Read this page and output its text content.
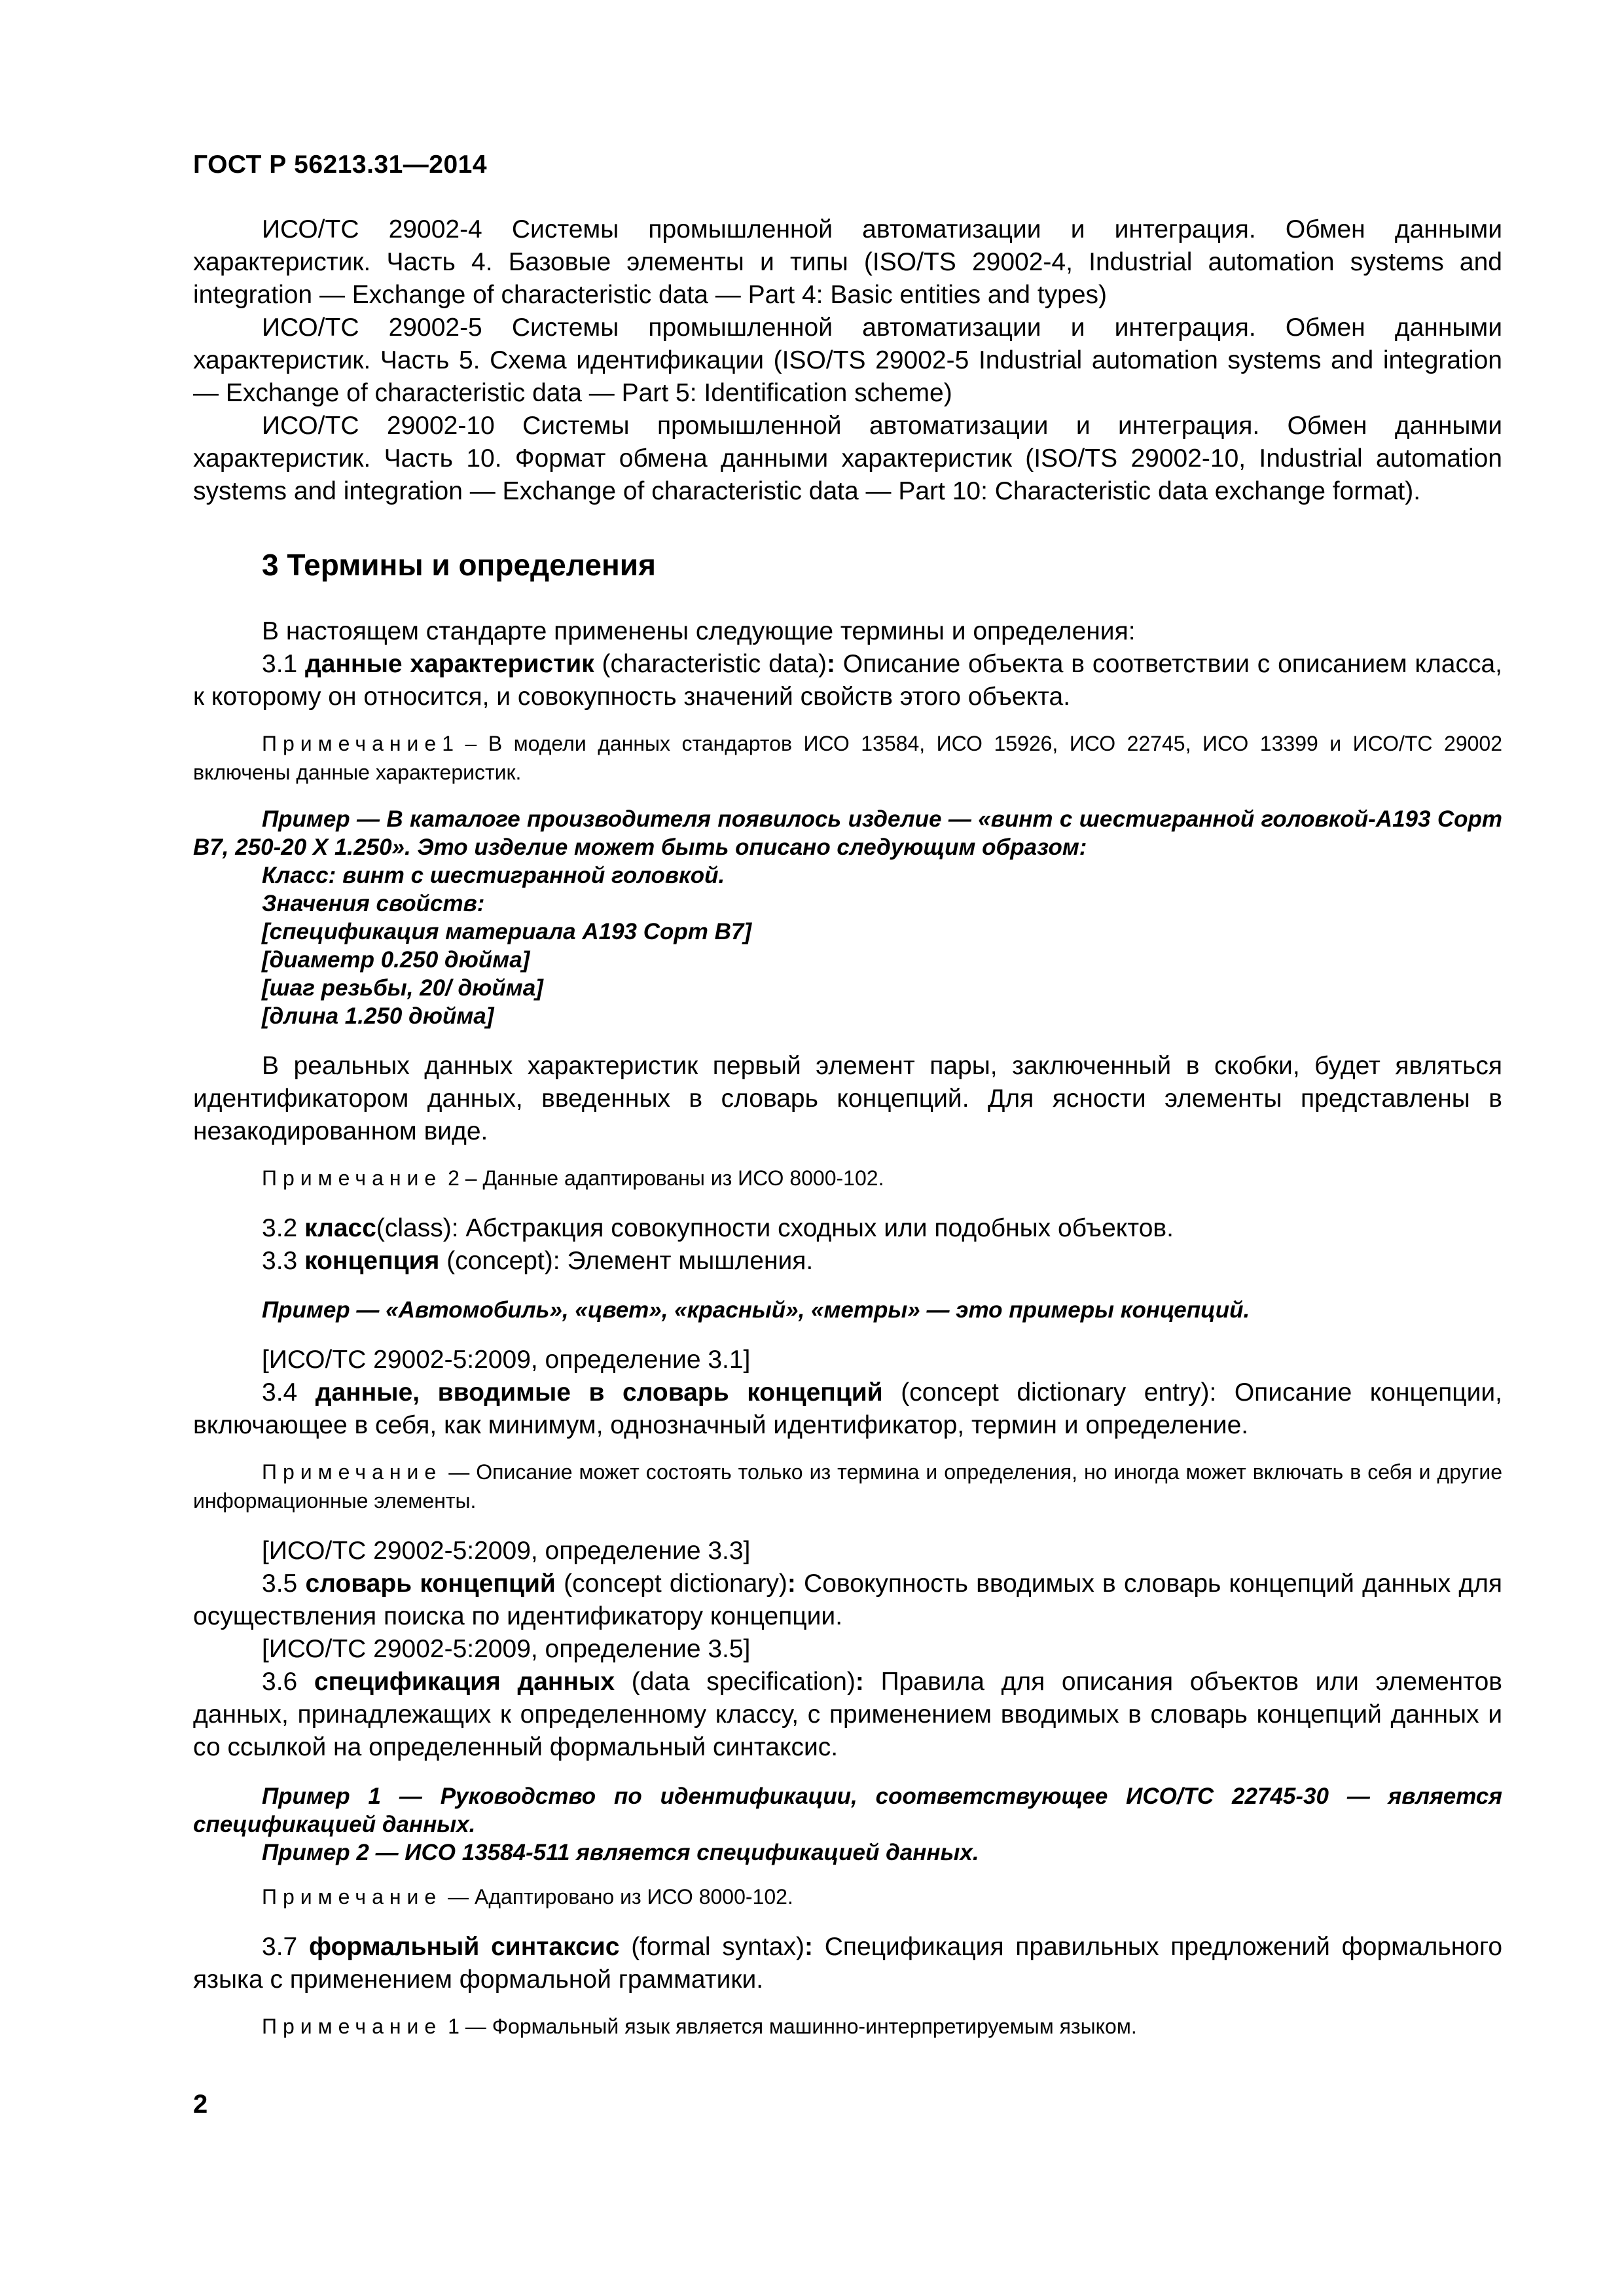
ГОСТ Р 56213.31—2014

ИСО/ТС 29002-4 Системы промышленной автоматизации и интеграция. Обмен данными характеристик. Часть 4. Базовые элементы и типы (ISO/TS 29002-4, Industrial automation systems and integration — Exchange of characteristic data — Part 4: Basic entities and types)

ИСО/ТС 29002-5 Системы промышленной автоматизации и интеграция. Обмен данными характеристик. Часть 5. Схема идентификации (ISO/TS 29002-5 Industrial automation systems and integration — Exchange of characteristic data — Part 5: Identification scheme)

ИСО/ТС 29002-10 Системы промышленной автоматизации и интеграция. Обмен данными характеристик. Часть 10. Формат обмена данными характеристик (ISO/TS 29002-10, Industrial automation systems and integration — Exchange of characteristic data — Part 10: Characteristic data exchange format).

3 Термины и определения

В настоящем стандарте применены следующие термины и определения:

3.1 данные характеристик (characteristic data): Описание объекта в соответствии с описанием класса, к которому он относится, и совокупность значений свойств этого объекта.

Примечание1 – В модели данных стандартов ИСО 13584, ИСО 15926, ИСО 22745, ИСО 13399 и ИСО/ТС 29002 включены данные характеристик.

Пример — В каталоге производителя появилось изделие — «винт с шестигранной головкой-А193 Сорт В7, 250-20 Х 1.250». Это изделие может быть описано следующим образом:

Класс: винт с шестигранной головкой.

Значения свойств:

[спецификация материала А193 Сорт В7]

[диаметр 0.250 дюйма]

[шаг резьбы, 20/ дюйма]

[длина 1.250 дюйма]

В реальных данных характеристик первый элемент пары, заключенный в скобки, будет являться идентификатором данных, введенных в словарь концепций. Для ясности элементы представлены в незакодированном виде.

Примечание 2 – Данные адаптированы из ИСО 8000-102.

3.2 класс(class): Абстракция совокупности сходных или подобных объектов.

3.3 концепция (concept): Элемент мышления.

Пример — «Автомобиль», «цвет», «красный», «метры» — это примеры концепций.

[ИСО/ТС 29002-5:2009, определение 3.1]

3.4 данные, вводимые в словарь концепций (concept dictionary entry): Описание концепции, включающее в себя, как минимум, однозначный идентификатор, термин и определение.

Примечание — Описание может состоять только из термина и определения, но иногда может включать в себя и другие информационные элементы.

[ИСО/ТС 29002-5:2009, определение 3.3]

3.5 словарь концепций (concept dictionary): Совокупность вводимых в словарь концепций данных для осуществления поиска по идентификатору концепции.

[ИСО/ТС 29002-5:2009, определение 3.5]

3.6 спецификация данных (data specification): Правила для описания объектов или элементов данных, принадлежащих к определенному классу, с применением вводимых в словарь концепций данных и со ссылкой на определенный формальный синтаксис.

Пример 1 — Руководство по идентификации, соответствующее ИСО/ТС 22745-30 — является спецификацией данных.

Пример 2 — ИСО 13584-511 является спецификацией данных.

Примечание — Адаптировано из ИСО 8000-102.

3.7 формальный синтаксис (formal syntax): Спецификация правильных предложений формального языка с применением формальной грамматики.

Примечание 1 — Формальный язык является машинно-интерпретируемым языком.

2
